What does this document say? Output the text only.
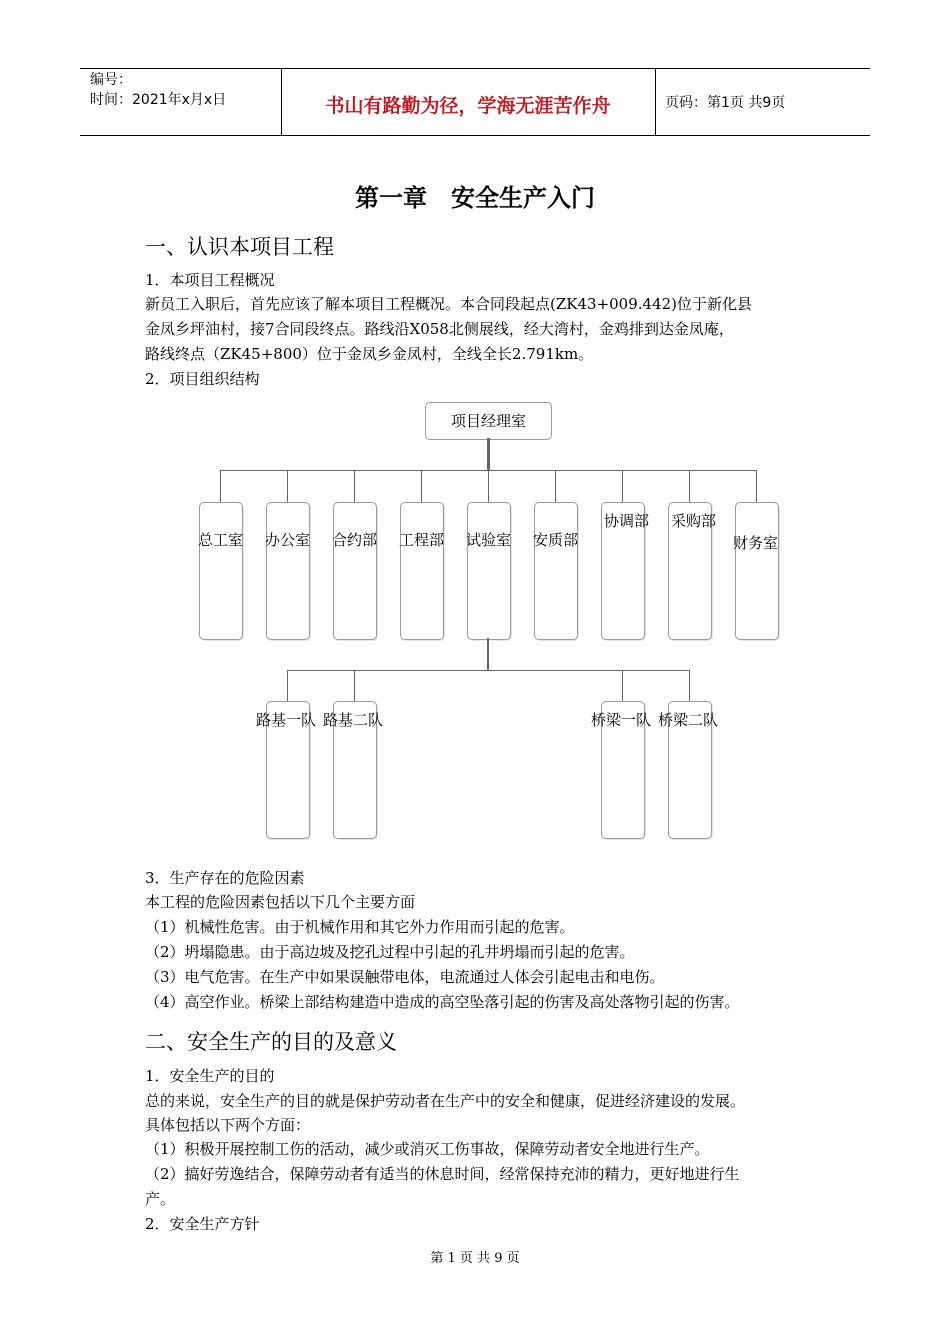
编号：
时间：2021年x月x日	书山有路勤为径，学海无涯苦作舟	页码：第1页 共9页
第一章　安全生产入门
一、认识本项目工程
1．本项目工程概况
新员工入职后，首先应该了解本项目工程概况。本合同段起点(ZK43+009.442)位于新化县
金凤乡坪油村，接7合同段终点。路线沿X058北侧展线，经大湾村，金鸡排到达金凤庵，
路线终点（ZK45+800）位于金凤乡金凤村，全线全长2.791km。
2．项目组织结构
项目经理室
总工室 办公室 合约部 工程部 试验室 安质部
协调部 采购部
财务室
路基一队 路基二队	桥梁一队 桥梁二队
3．生产存在的危险因素
本工程的危险因素包括以下几个主要方面
（1）机械性危害。由于机械作用和其它外力作用而引起的危害。
（2）坍塌隐患。由于高边坡及挖孔过程中引起的孔井坍塌而引起的危害。
（3）电气危害。在生产中如果误触带电体，电流通过人体会引起电击和电伤。
（4）高空作业。桥梁上部结构建造中造成的高空坠落引起的伤害及高处落物引起的伤害。
二、安全生产的目的及意义
1．安全生产的目的
总的来说，安全生产的目的就是保护劳动者在生产中的安全和健康，促进经济建设的发展。
具体包括以下两个方面：
（1）积极开展控制工伤的活动，减少或消灭工伤事故，保障劳动者安全地进行生产。
（2）搞好劳逸结合，保障劳动者有适当的休息时间，经常保持充沛的精力，更好地进行生
产。
2．安全生产方针
第 1 页 共 9 页
